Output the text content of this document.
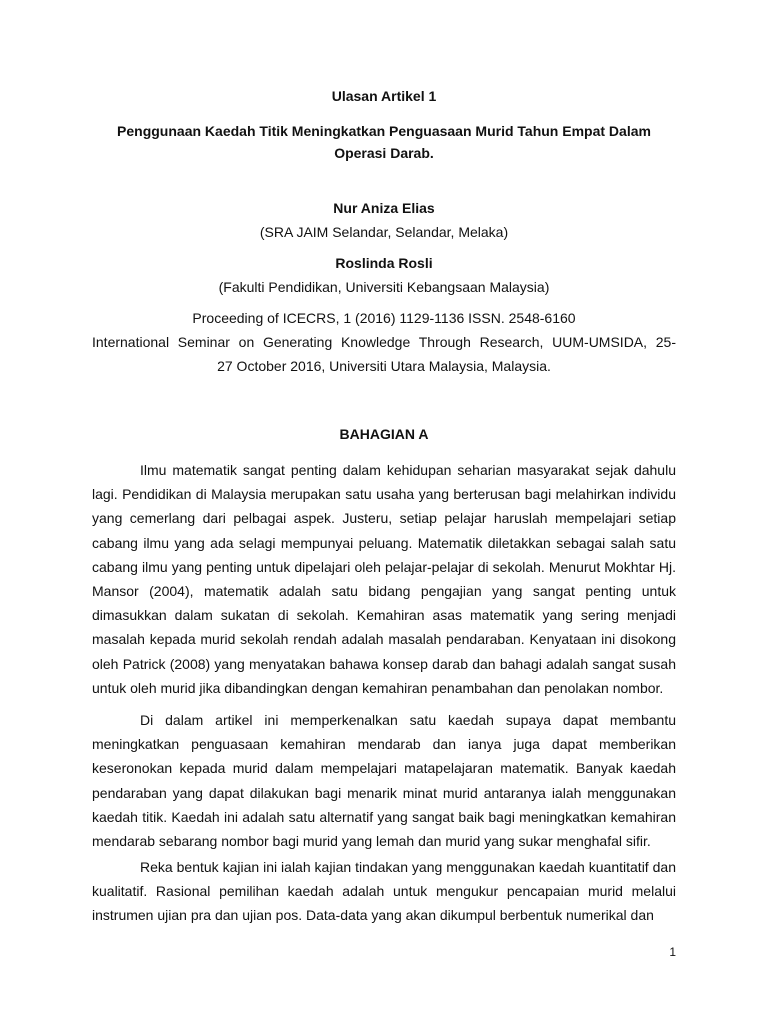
Ulasan Artikel 1

Penggunaan Kaedah Titik Meningkatkan Penguasaan Murid Tahun Empat Dalam

Operasi Darab.

Nur Aniza Elias

(SRA JAIM Selandar, Selandar, Melaka)

Roslinda Rosli

(Fakulti Pendidikan, Universiti Kebangsaan Malaysia)

Proceeding of ICECRS, 1 (2016) 1129-1136 ISSN. 2548-6160

International Seminar on Generating Knowledge Through Research, UUM-UMSIDA, 25-

27 October 2016, Universiti Utara Malaysia, Malaysia.

BAHAGIAN A

Ilmu matematik sangat penting dalam kehidupan seharian masyarakat sejak dahulu lagi. Pendidikan di Malaysia merupakan satu usaha yang berterusan bagi melahirkan individu yang cemerlang dari pelbagai aspek. Justeru, setiap pelajar haruslah mempelajari setiap cabang ilmu yang ada selagi mempunyai peluang. Matematik diletakkan sebagai salah satu cabang ilmu yang penting untuk dipelajari oleh pelajar-pelajar di sekolah. Menurut Mokhtar Hj. Mansor (2004), matematik adalah satu bidang pengajian yang sangat penting untuk dimasukkan dalam sukatan di sekolah. Kemahiran asas matematik yang sering menjadi masalah kepada murid sekolah rendah adalah masalah pendaraban. Kenyataan ini disokong oleh Patrick (2008) yang menyatakan bahawa konsep darab dan bahagi adalah sangat susah untuk oleh murid jika dibandingkan dengan kemahiran penambahan dan penolakan nombor.

Di dalam artikel ini memperkenalkan satu kaedah supaya dapat membantu meningkatkan penguasaan kemahiran mendarab dan ianya juga dapat memberikan keseronokan kepada murid dalam mempelajari matapelajaran matematik. Banyak kaedah pendaraban yang dapat dilakukan bagi menarik minat murid antaranya ialah menggunakan kaedah titik. Kaedah ini adalah satu alternatif yang sangat baik bagi meningkatkan kemahiran mendarab sebarang nombor bagi murid yang lemah dan murid yang sukar menghafal sifir.

Reka bentuk kajian ini ialah kajian tindakan yang menggunakan kaedah kuantitatif dan kualitatif. Rasional pemilihan kaedah adalah untuk mengukur pencapaian murid melalui instrumen ujian pra dan ujian pos. Data-data yang akan dikumpul berbentuk numerikal dan

1
